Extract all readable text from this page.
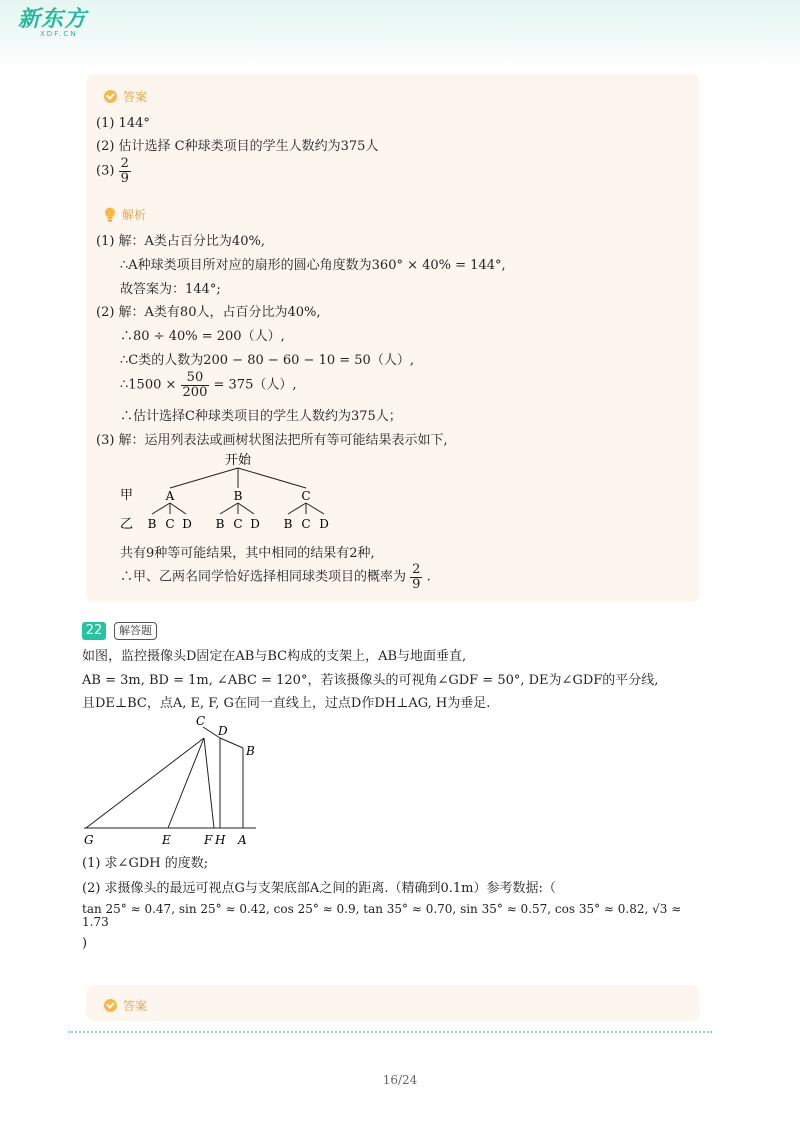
新东方
XDF.CN
答案
(1) 144°
(2) 估计选择 C种球类项目的学生人数约为375人
$(3) \frac{2}{9}$
解析
(1) 解：A类占百分比为40%,
∴A种球类项目所对应的扇形的圆心角度数为360° × 40% = 144°,
故答案为：144°;
(2) 解：A类有80人，占百分比为40%,
∴80 ÷ 40% = 200（人）,
∴C类的人数为200 − 80 − 60 − 10 = 50（人）,
∴1500 × $\frac{50}{200} = 375$（人）,
∴估计选择C种球类项目的学生人数约为375人；
(3) 解：运用列表法或画树状图法把所有等可能结果表示如下,
开始
甲	A	B	C
乙 B C D B C D B C D
共有9种等可能结果，其中相同的结果有2种,
∴甲、乙两名同学恰好选择相同球类项目的概率为 $\frac{2}{9}$ .
22	解答题
如图，监控摄像头D固定在AB与BC构成的支架上，AB与地面垂直,
AB = 3m, BD = 1m, ∠ABC = 120°，若该摄像头的可视角∠GDF = 50°, DE为∠GDF的平分线,
且DE⊥BC，点A, E, F, G在同一直线上，过点D作DH⊥AG, H为垂足.
C
D
B
G	E	F H A
(1) 求∠GDH 的度数;
(2) 求摄像头的最远可视点G与支架底部A之间的距离.（精确到0.1m）参考数据:（
tan 25° ≈ 0.47, sin 25° ≈ 0.42, cos 25° ≈ 0.9, tan 35° ≈ 0.70, sin 35° ≈ 0.57, cos 35° ≈ 0.82, √3 ≈
1.73
)
答案
16/24
